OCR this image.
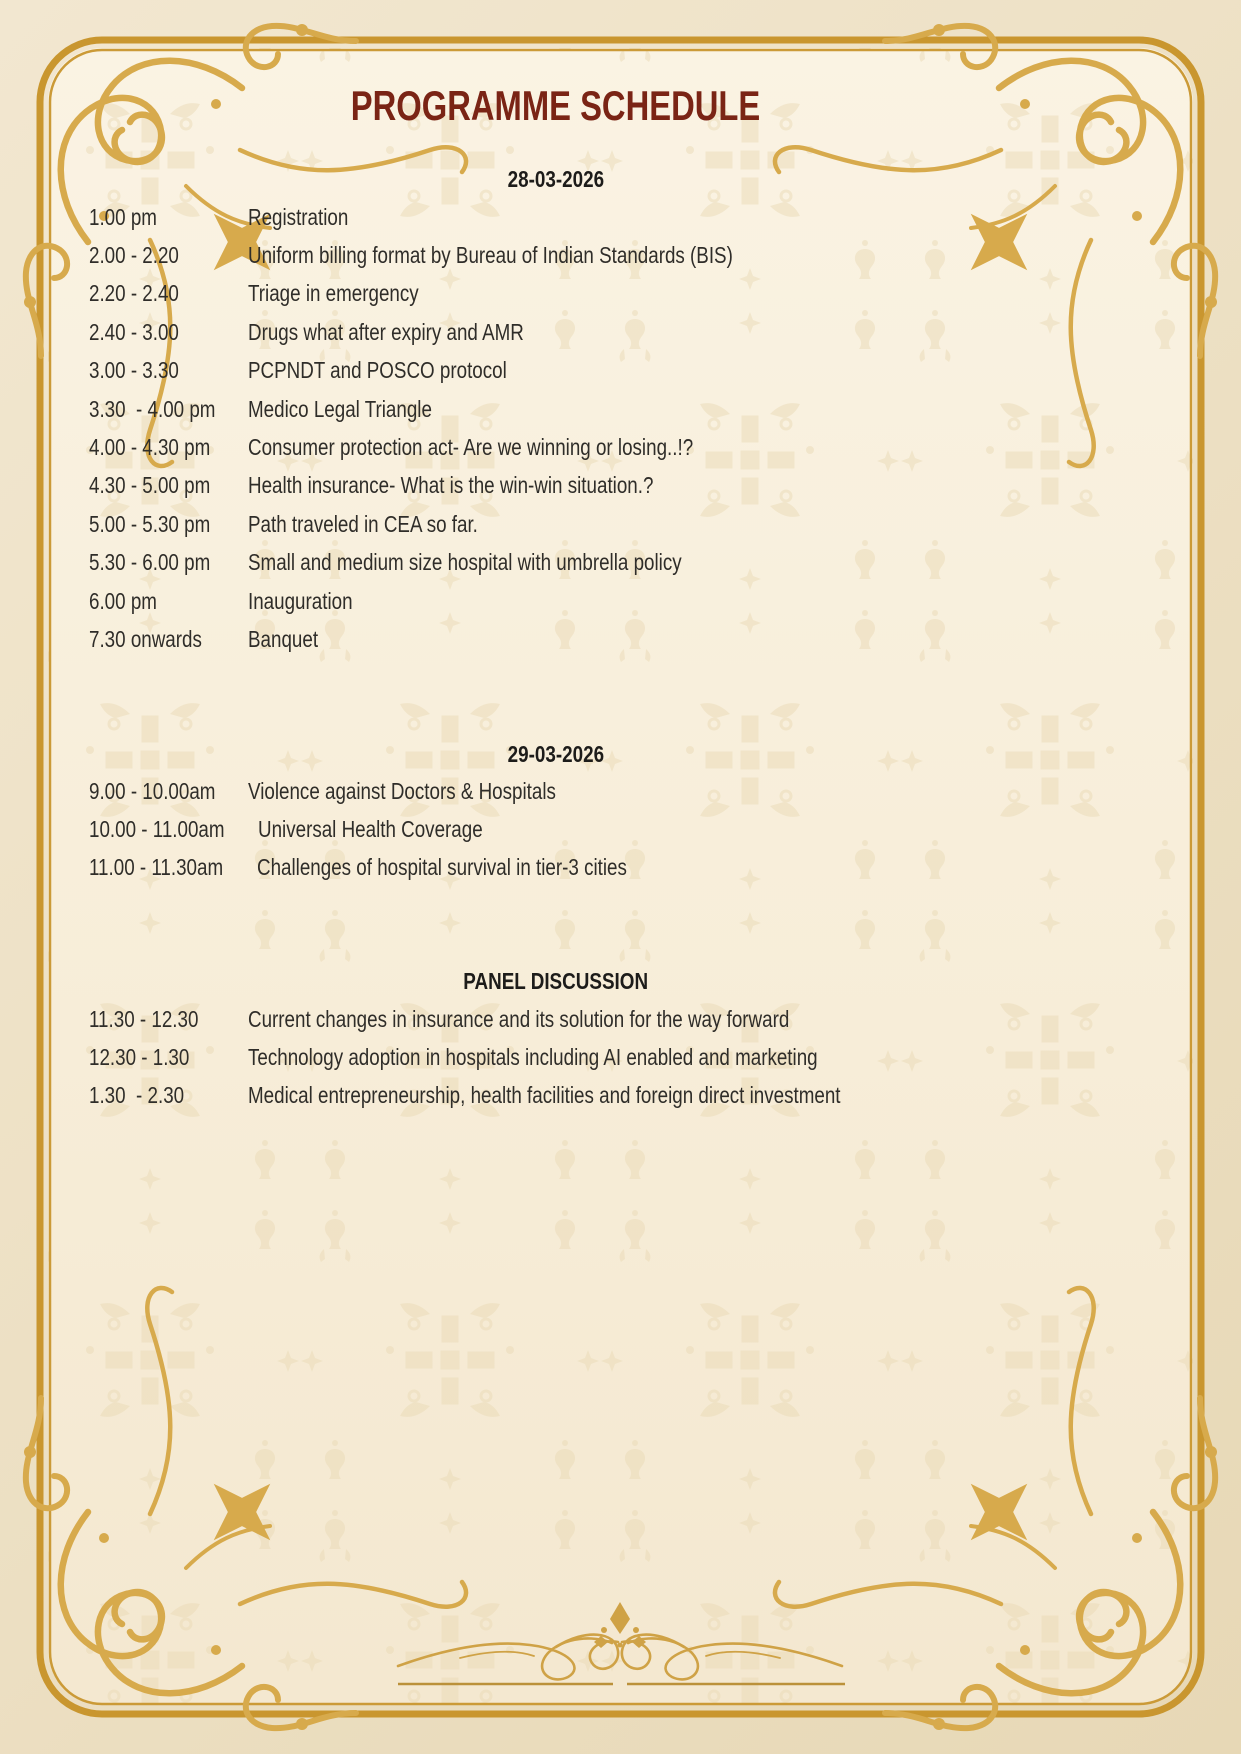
PROGRAMME SCHEDULE
28-03-2026
1.00 pm	Registration
2.00 - 2.20	Uniform billing format by Bureau of Indian Standards (BIS)
2.20 - 2.40	Triage in emergency
2.40 - 3.00	Drugs what after expiry and AMR
3.00 - 3.30	PCPNDT and POSCO protocol
3.30  - 4.00 pm	Medico Legal Triangle
4.00 - 4.30 pm	Consumer protection act- Are we winning or losing..!?
4.30 - 5.00 pm	Health insurance- What is the win-win situation.?
5.00 - 5.30 pm	Path traveled in CEA so far.
5.30 - 6.00 pm	Small and medium size hospital with umbrella policy
6.00 pm	Inauguration
7.30 onwards	Banquet
29-03-2026
9.00 - 10.00am	Violence against Doctors & Hospitals
10.00 - 11.00am	Universal Health Coverage
11.00 - 11.30am	Challenges of hospital survival in tier-3 cities
PANEL DISCUSSION
11.30 - 12.30	Current changes in insurance and its solution for the way forward
12.30 - 1.30	Technology adoption in hospitals including AI enabled and marketing
1.30  - 2.30	Medical entrepreneurship, health facilities and foreign direct investment
